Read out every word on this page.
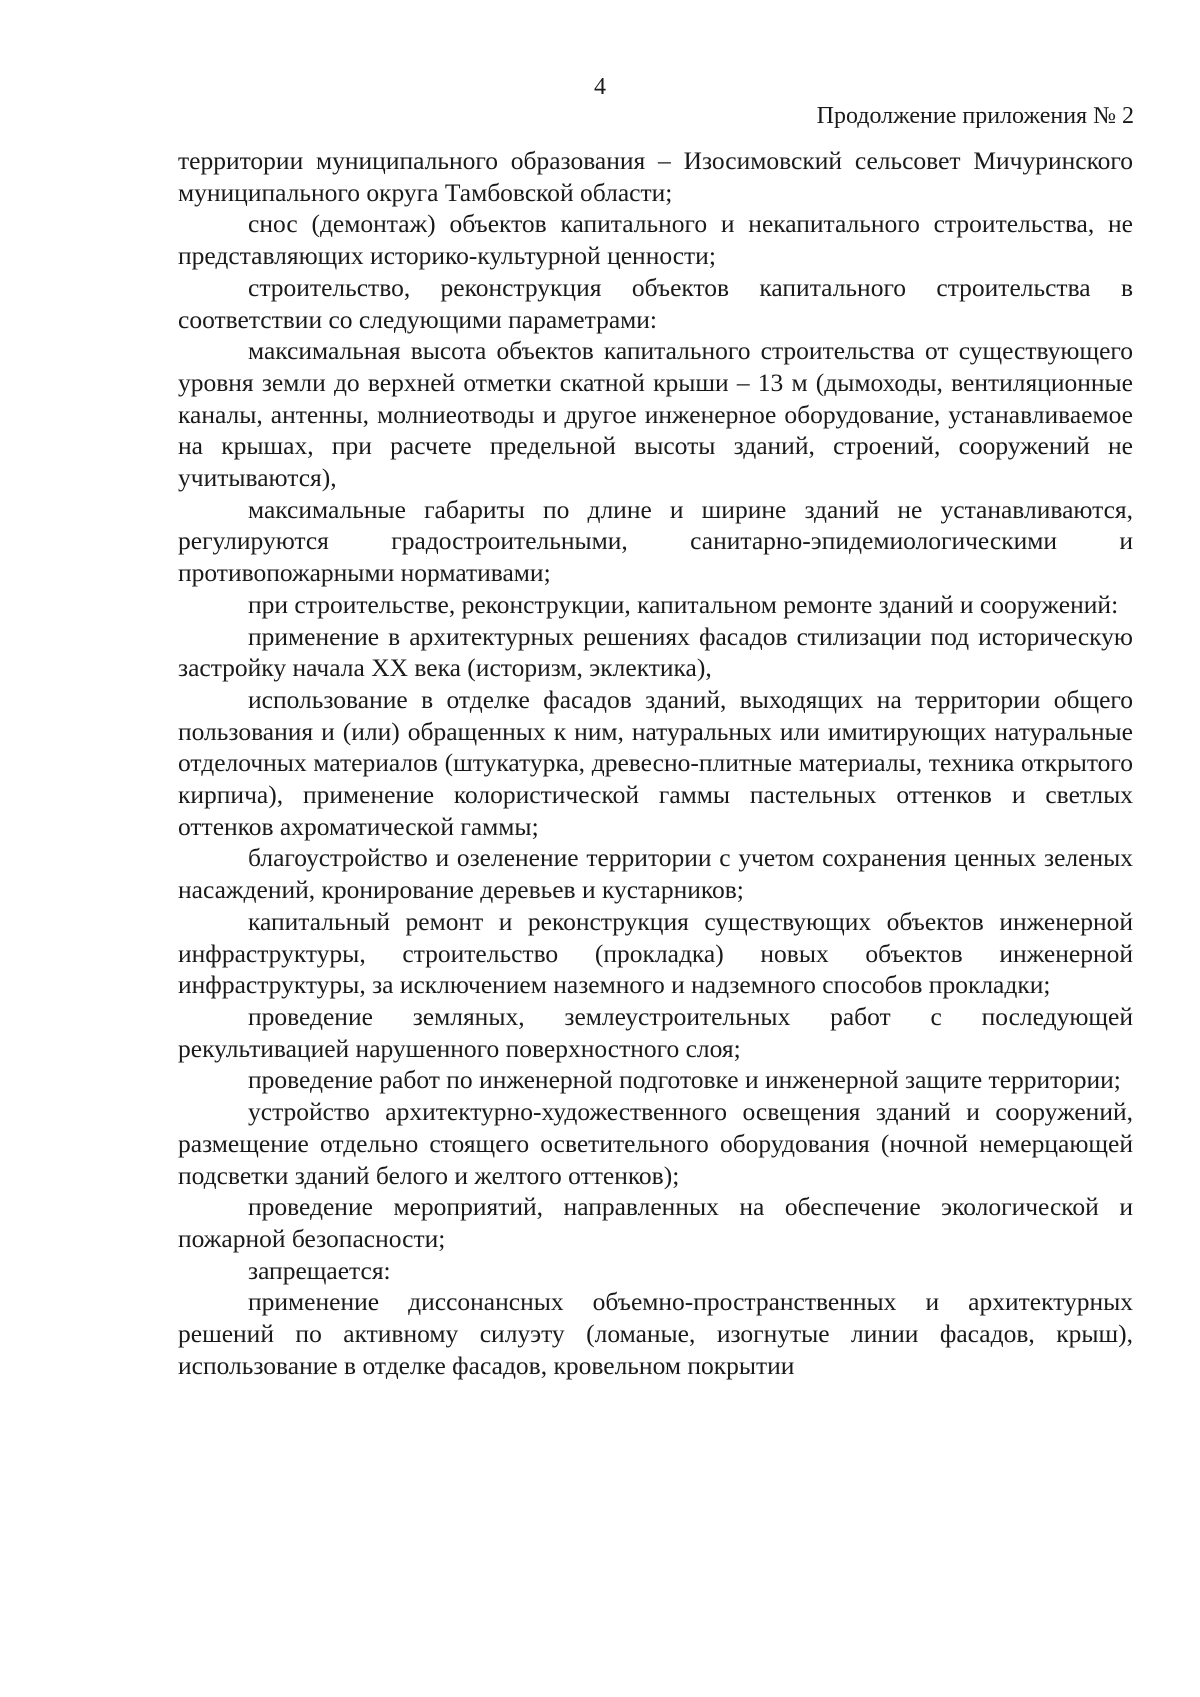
4
Продолжение приложения № 2

территории муниципального образования – Изосимовский сельсовет Мичуринского муниципального округа Тамбовской области;

снос (демонтаж) объектов капитального и некапитального строительства, не представляющих историко-культурной ценности;

строительство, реконструкция объектов капитального строительства в соответствии со следующими параметрами:

максимальная высота объектов капитального строительства от существующего уровня земли до верхней отметки скатной крыши – 13 м (дымоходы, вентиляционные каналы, антенны, молниеотводы и другое инженерное оборудование, устанавливаемое на крышах, при расчете предельной высоты зданий, строений, сооружений не учитываются),

максимальные габариты по длине и ширине зданий не устанавливаются, регулируются градостроительными, санитарно-эпидемиологическими и противопожарными нормативами;

при строительстве, реконструкции, капитальном ремонте зданий и сооружений:

применение в архитектурных решениях фасадов стилизации под историческую застройку начала XX века (историзм, эклектика),

использование в отделке фасадов зданий, выходящих на территории общего пользования и (или) обращенных к ним, натуральных или имитирующих натуральные отделочных материалов (штукатурка, древесно-плитные материалы, техника открытого кирпича), применение колористической гаммы пастельных оттенков и светлых оттенков ахроматической гаммы;

благоустройство и озеленение территории с учетом сохранения ценных зеленых насаждений, кронирование деревьев и кустарников;

капитальный ремонт и реконструкция существующих объектов инженерной инфраструктуры, строительство (прокладка) новых объектов инженерной инфраструктуры, за исключением наземного и надземного способов прокладки;

проведение земляных, землеустроительных работ с последующей рекультивацией нарушенного поверхностного слоя;

проведение работ по инженерной подготовке и инженерной защите территории;

устройство архитектурно-художественного освещения зданий и сооружений, размещение отдельно стоящего осветительного оборудования (ночной немерцающей подсветки зданий белого и желтого оттенков);

проведение мероприятий, направленных на обеспечение экологической и пожарной безопасности;

запрещается:

применение диссонансных объемно-пространственных и архитектурных решений по активному силуэту (ломаные, изогнутые линии фасадов, крыш), использование в отделке фасадов, кровельном покрытии
